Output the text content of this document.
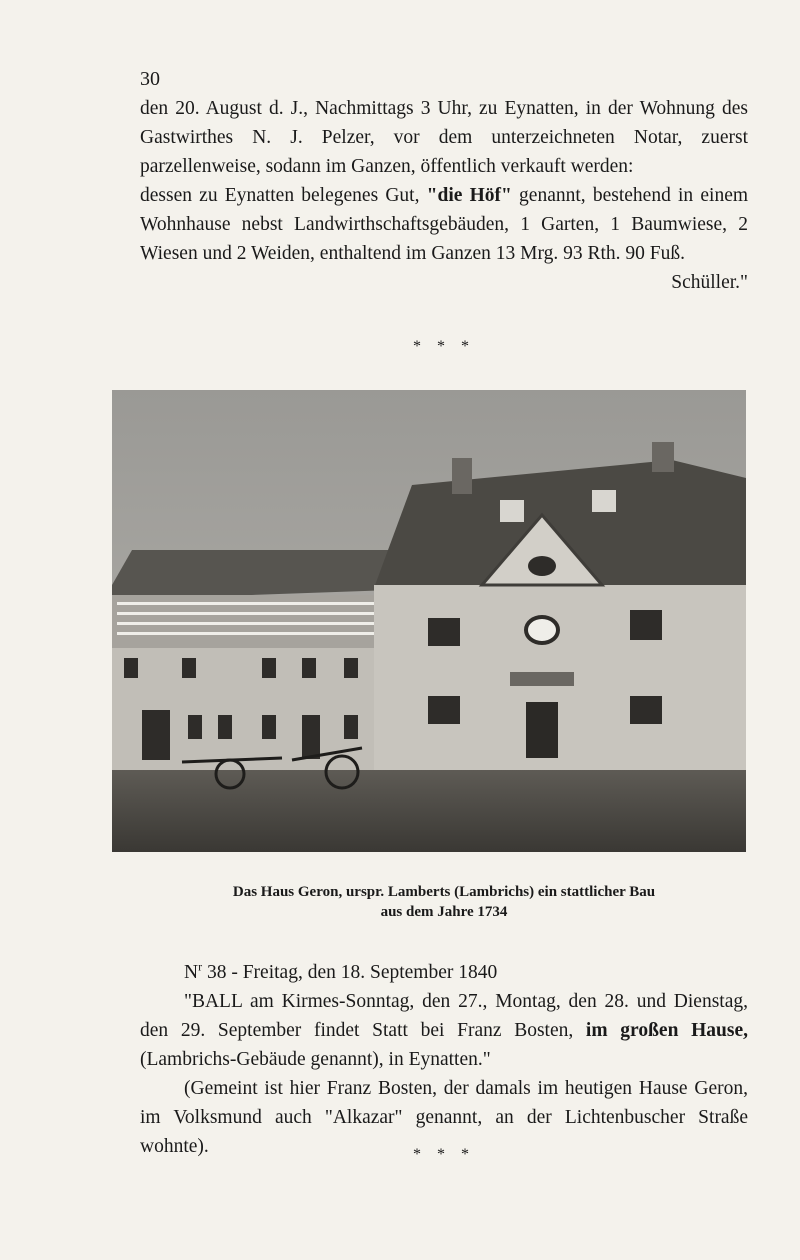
30

den 20. August d. J., Nachmittags 3 Uhr, zu Eynatten, in der Wohnung des Gastwirthes N. J. Pelzer, vor dem unterzeichneten Notar, zuerst parzellenweise, sodann im Ganzen, öffentlich verkauft werden:

dessen zu Eynatten belegenes Gut, "die Höf" genannt, bestehend in einem Wohnhause nebst Landwirthschaftsgebäuden, 1 Garten, 1 Baumwiese, 2 Wiesen und 2 Weiden, enthaltend im Ganzen 13 Mrg. 93 Rth. 90 Fuß.

Schüller."

* * *
Das Haus Geron, urspr. Lamberts (Lambrichs) ein stattlicher Bau
aus dem Jahre 1734

$N^r$ 38 - Freitag, den 18. September 1840

"BALL am Kirmes-Sonntag, den 27., Montag, den 28. und Dienstag, den 29. September findet Statt bei Franz Bosten, im großen Hause, (Lambrichs-Gebäude genannt), in Eynatten."

(Gemeint ist hier Franz Bosten, der damals im heutigen Hause Geron, im Volksmund auch "Alkazar" genannt, an der Lichtenbuscher Straße wohnte).	* * *
